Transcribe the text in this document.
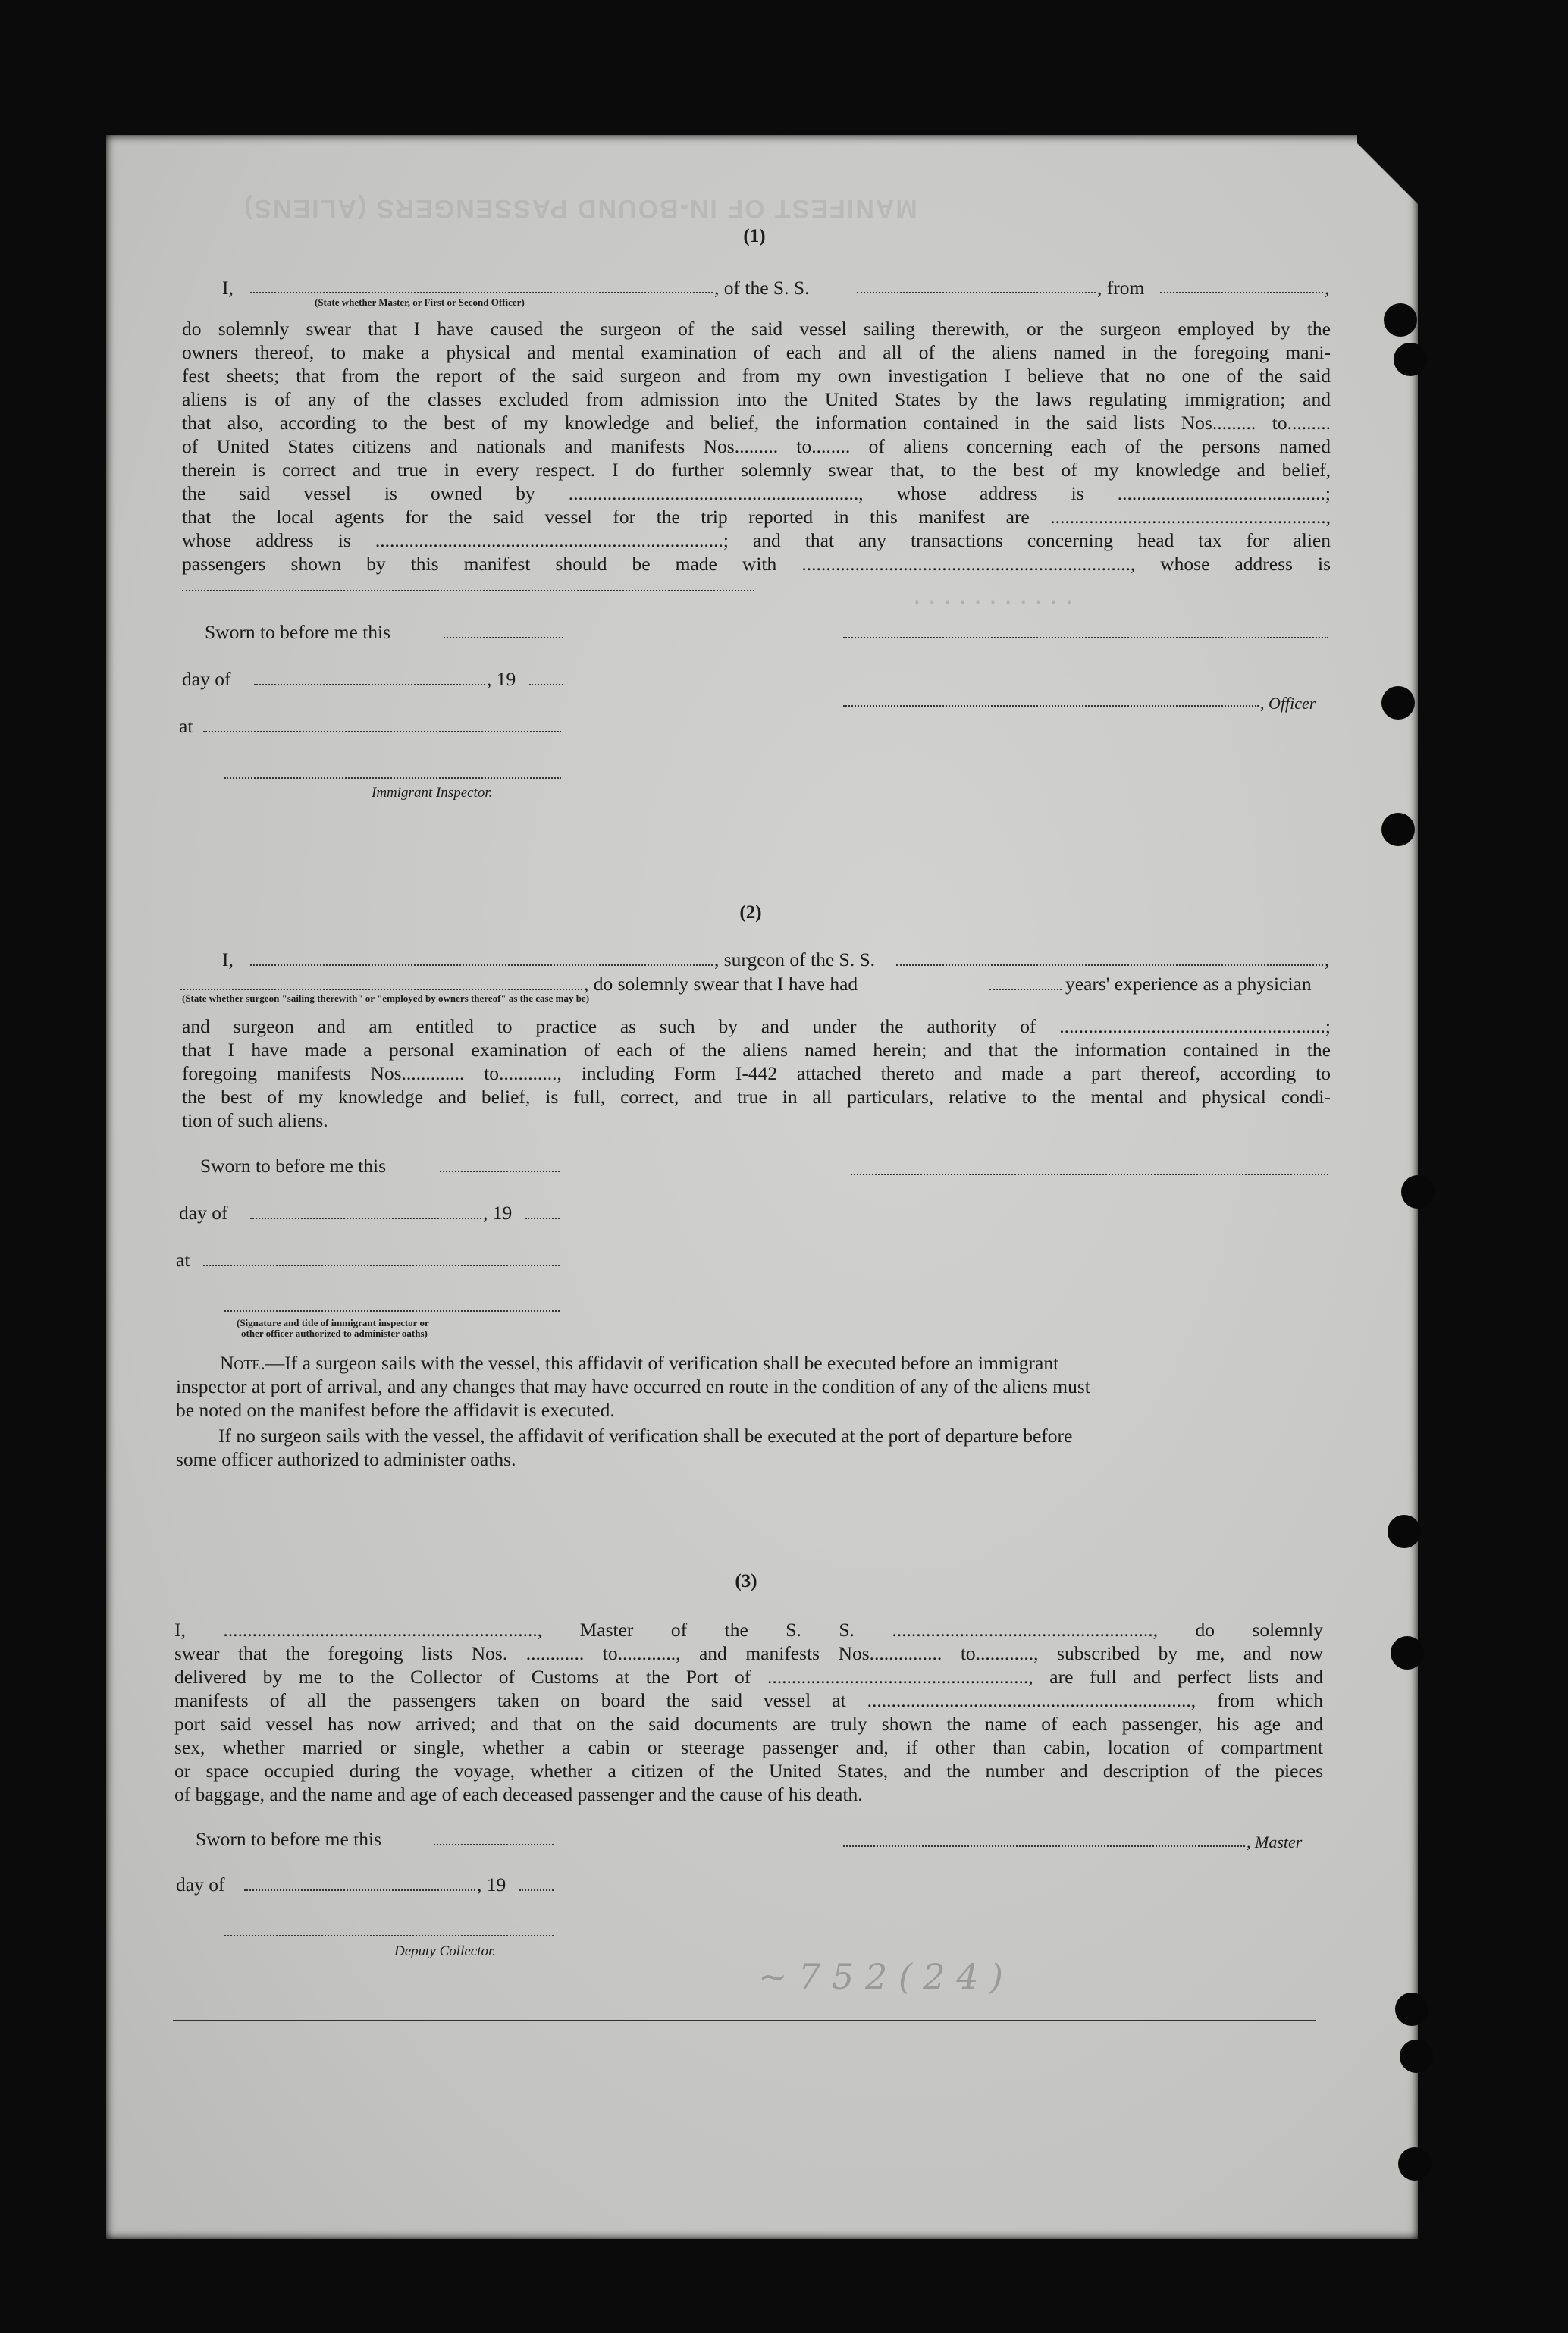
MANIFEST OF IN-BOUND PASSENGERS (ALIENS)
...........
~ 7 5 2 ( 2 4 )
(1)
I,	, of the S. S.	, from	,
(State whether Master, or First or Second Officer)
do solemnly swear that I have caused the surgeon of the said vessel sailing therewith, or the surgeon employed by the
owners thereof, to make a physical and mental examination of each and all of the aliens named in the foregoing mani-
fest sheets; that from the report of the said surgeon and from my own investigation I believe that no one of the said
aliens is of any of the classes excluded from admission into the United States by the laws regulating immigration; and
that also, according to the best of my knowledge and belief, the information contained in the said lists Nos......... to.........
of United States citizens and nationals and manifests Nos......... to........ of aliens concerning each of the persons named
therein is correct and true in every respect. I do further solemnly swear that, to the best of my knowledge and belief,
the said vessel is owned by ............................................................, whose address is ...........................................;
that the local agents for the said vessel for the trip reported in this manifest are .........................................................,
whose address is ........................................................................; and that any transactions concerning head tax for alien
passengers shown by this manifest should be made with ...................................................................., whose address is
Sworn to before me this
day of	, 19
, Officer
at
Immigrant Inspector.
(2)
I,	, surgeon of the S. S.	,
, do solemnly swear that I have had	years' experience as a physician
(State whether surgeon "sailing therewith" or "employed by owners thereof" as the case may be)
and surgeon and am entitled to practice as such by and under the authority of .......................................................;
that I have made a personal examination of each of the aliens named herein; and that the information contained in the
foregoing manifests Nos............. to............, including Form I-442 attached thereto and made a part thereof, according to
the best of my knowledge and belief, is full, correct, and true in all particulars, relative to the mental and physical condi-
tion of such aliens.
Sworn to before me this
day of	, 19
at
(Signature and title of immigrant inspector or
other officer authorized to administer oaths)
Note.—If a surgeon sails with the vessel, this affidavit of verification shall be executed before an immigrant
inspector at port of arrival, and any changes that may have occurred en route in the condition of any of the aliens must
be noted on the manifest before the affidavit is executed.
If no surgeon sails with the vessel, the affidavit of verification shall be executed at the port of departure before
some officer authorized to administer oaths.
(3)
I, ................................................................., Master of the S. S. ......................................................, do solemnly
swear that the foregoing lists Nos. ............ to............, and manifests Nos............... to............, subscribed by me, and now
delivered by me to the Collector of Customs at the Port of ......................................................, are full and perfect lists and
manifests of all the passengers taken on board the said vessel at ..................................................................., from which
port said vessel has now arrived; and that on the said documents are truly shown the name of each passenger, his age and
sex, whether married or single, whether a cabin or steerage passenger and, if other than cabin, location of compartment
or space occupied during the voyage, whether a citizen of the United States, and the number and description of the pieces
of baggage, and the name and age of each deceased passenger and the cause of his death.
Sworn to before me this	, Master
day of	, 19
Deputy Collector.
